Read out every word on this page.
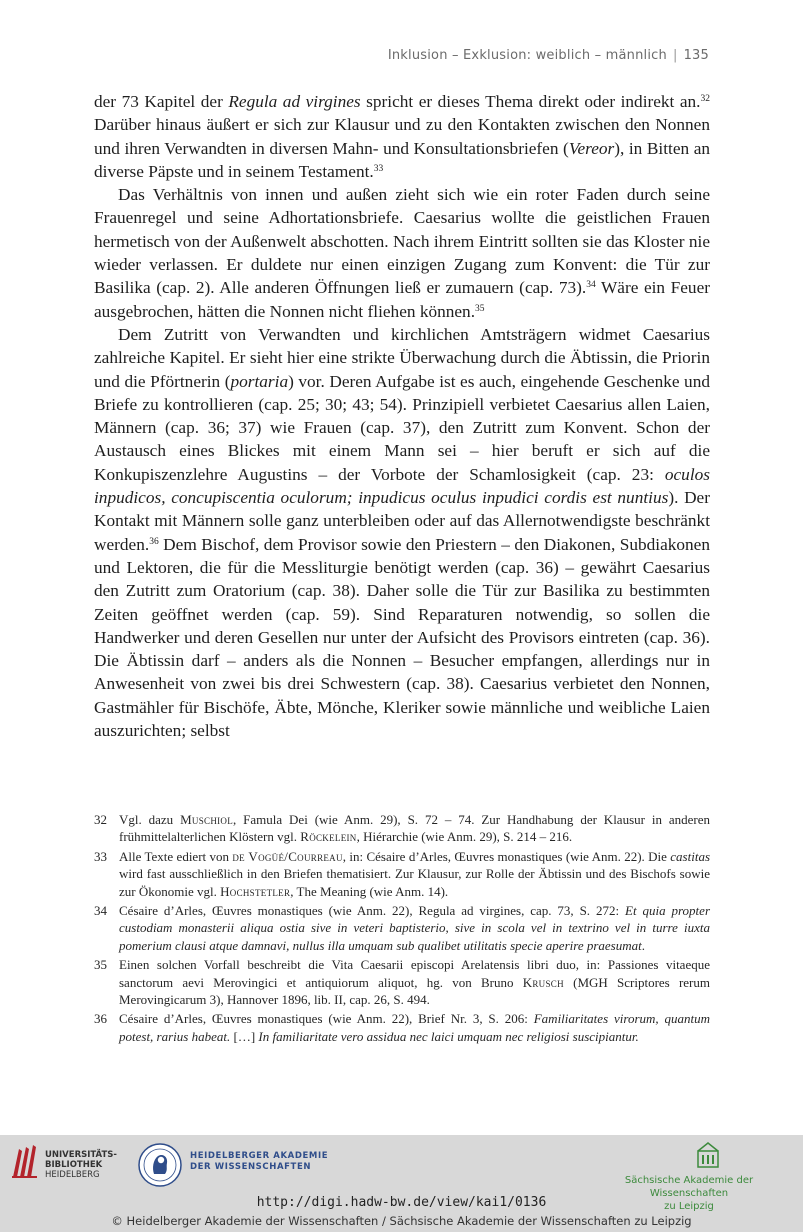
Inklusion – Exklusion: weiblich – männlich | 135

der 73 Kapitel der Regula ad virgines spricht er dieses Thema direkt oder indirekt an.$^{32}$ Darüber hinaus äußert er sich zur Klausur und zu den Kontakten zwischen den Nonnen und ihren Verwandten in diversen Mahn- und Konsultationsbriefen (Vereor), in Bitten an diverse Päpste und in seinem Testament.$^{33}$

Das Verhältnis von innen und außen zieht sich wie ein roter Faden durch seine Frauenregel und seine Adhortationsbriefe. Caesarius wollte die geistlichen Frauen hermetisch von der Außenwelt abschotten. Nach ihrem Eintritt sollten sie das Kloster nie wieder verlassen. Er duldete nur einen einzigen Zugang zum Konvent: die Tür zur Basilika (cap. 2). Alle anderen Öffnungen ließ er zumauern (cap. 73).$^{34}$ Wäre ein Feuer ausgebrochen, hätten die Nonnen nicht fliehen können.$^{35}$

Dem Zutritt von Verwandten und kirchlichen Amtsträgern widmet Caesarius zahlreiche Kapitel. Er sieht hier eine strikte Überwachung durch die Äbtissin, die Priorin und die Pförtnerin (portaria) vor. Deren Aufgabe ist es auch, eingehende Geschenke und Briefe zu kontrollieren (cap. 25; 30; 43; 54). Prinzipiell verbietet Caesarius allen Laien, Männern (cap. 36; 37) wie Frauen (cap. 37), den Zutritt zum Konvent. Schon der Austausch eines Blickes mit einem Mann sei – hier beruft er sich auf die Konkupiszenzlehre Augustins – der Vorbote der Schamlosigkeit (cap. 23: oculos inpudicos, concupiscentia oculorum; inpudicus oculus inpudici cordis est nuntius). Der Kontakt mit Männern solle ganz unterbleiben oder auf das Allernotwendigste beschränkt werden.$^{36}$ Dem Bischof, dem Provisor sowie den Priestern – den Diakonen, Subdiakonen und Lektoren, die für die Messliturgie benötigt werden (cap. 36) – gewährt Caesarius den Zutritt zum Oratorium (cap. 38). Daher solle die Tür zur Basilika zu bestimmten Zeiten geöffnet werden (cap. 59). Sind Reparaturen notwendig, so sollen die Handwerker und deren Gesellen nur unter der Aufsicht des Provisors eintreten (cap. 36). Die Äbtissin darf – anders als die Nonnen – Besucher empfangen, allerdings nur in Anwesenheit von zwei bis drei Schwestern (cap. 38). Caesarius verbietet den Nonnen, Gastmähler für Bischöfe, Äbte, Mönche, Kleriker sowie männliche und weibliche Laien auszurichten; selbst

32 Vgl. dazu Muschiol, Famula Dei (wie Anm. 29), S. 72 – 74. Zur Handhabung der Klausur in anderen frühmittelalterlichen Klöstern vgl. Röckelein, Hiérarchie (wie Anm. 29), S. 214 – 216.
33 Alle Texte ediert von de Vogüé/Courreau, in: Césaire d’Arles, Œuvres monastiques (wie Anm. 22). Die castitas wird fast ausschließlich in den Briefen thematisiert. Zur Klausur, zur Rolle der Äbtissin und des Bischofs sowie zur Ökonomie vgl. Hochstetler, The Meaning (wie Anm. 14).
34 Césaire d’Arles, Œuvres monastiques (wie Anm. 22), Regula ad virgines, cap. 73, S. 272: Et quia propter custodiam monasterii aliqua ostia sive in veteri baptisterio, sive in scola vel in textrino vel in turre iuxta pomerium clausi atque damnavi, nullus illa umquam sub qualibet utilitatis specie aperire praesumat.
35 Einen solchen Vorfall beschreibt die Vita Caesarii episcopi Arelatensis libri duo, in: Passiones vitaeque sanctorum aevi Merovingici et antiquiorum aliquot, hg. von Bruno Krusch (MGH Scriptores rerum Merovingicarum 3), Hannover 1896, lib. II, cap. 26, S. 494.
36 Césaire d’Arles, Œuvres monastiques (wie Anm. 22), Brief Nr. 3, S. 206: Familiaritates virorum, quantum potest, rarius habeat. […] In familiaritate vero assidua nec laici umquam nec religiosi suscipiantur.
UNIVERSITÄTS-
BIBLIOTHEK
HEIDELBERG
HEIDELBERGER AKADEMIE
DER WISSENSCHAFTEN
Sächsische Akademie der Wissenschaften
zu Leipzig
http://digi.hadw-bw.de/view/kai1/0136
© Heidelberger Akademie der Wissenschaften / Sächsische Akademie der Wissenschaften zu Leipzig
